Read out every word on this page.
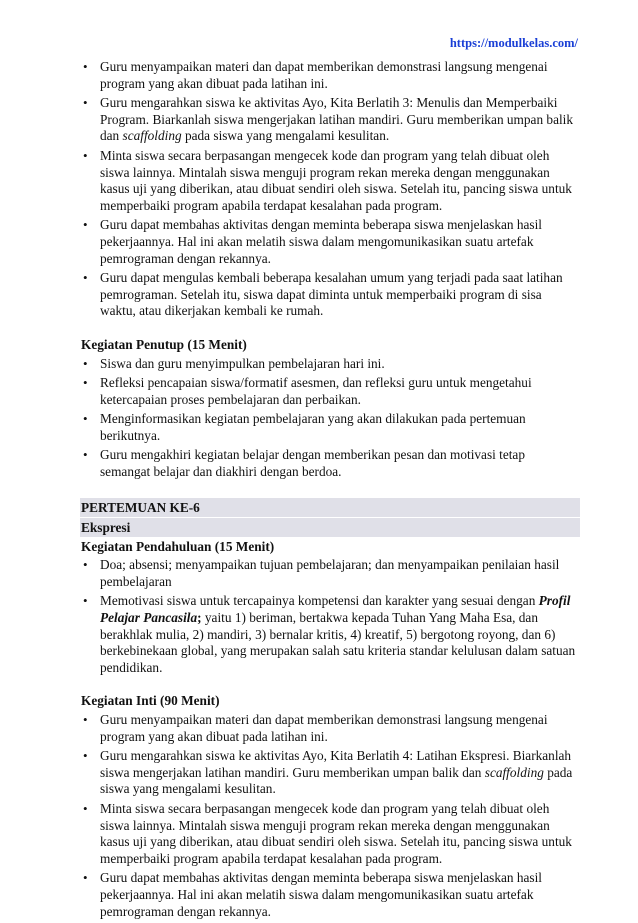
https://modulkelas.com/
• Guru menyampaikan materi dan dapat memberikan demonstrasi langsung mengenai program yang akan dibuat pada latihan ini.
• Guru mengarahkan siswa ke aktivitas Ayo, Kita Berlatih 3: Menulis dan Memperbaiki Program. Biarkanlah siswa mengerjakan latihan mandiri. Guru memberikan umpan balik dan scaffolding pada siswa yang mengalami kesulitan.
• Minta siswa secara berpasangan mengecek kode dan program yang telah dibuat oleh siswa lainnya. Mintalah siswa menguji program rekan mereka dengan menggunakan kasus uji yang diberikan, atau dibuat sendiri oleh siswa. Setelah itu, pancing siswa untuk memperbaiki program apabila terdapat kesalahan pada program.
• Guru dapat membahas aktivitas dengan meminta beberapa siswa menjelaskan hasil pekerjaannya. Hal ini akan melatih siswa dalam mengomunikasikan suatu artefak pemrograman dengan rekannya.
• Guru dapat mengulas kembali beberapa kesalahan umum yang terjadi pada saat latihan pemrograman. Setelah itu, siswa dapat diminta untuk memperbaiki program di sisa waktu, atau dikerjakan kembali ke rumah.
Kegiatan Penutup (15 Menit)
• Siswa dan guru menyimpulkan pembelajaran hari ini.
• Refleksi pencapaian siswa/formatif asesmen, dan refleksi guru untuk mengetahui ketercapaian proses pembelajaran dan perbaikan.
• Menginformasikan kegiatan pembelajaran yang akan dilakukan pada pertemuan berikutnya.
• Guru mengakhiri kegiatan belajar dengan memberikan pesan dan motivasi tetap semangat belajar dan diakhiri dengan berdoa.
PERTEMUAN KE-6
Ekspresi
Kegiatan Pendahuluan (15 Menit)
• Doa; absensi; menyampaikan tujuan pembelajaran; dan menyampaikan penilaian hasil pembelajaran
• Memotivasi siswa untuk tercapainya kompetensi dan karakter yang sesuai dengan Profil Pelajar Pancasila; yaitu 1) beriman, bertakwa kepada Tuhan Yang Maha Esa, dan berakhlak mulia, 2) mandiri, 3) bernalar kritis, 4) kreatif, 5) bergotong royong, dan 6) berkebinekaan global, yang merupakan salah satu kriteria standar kelulusan dalam satuan pendidikan.
Kegiatan Inti (90 Menit)
• Guru menyampaikan materi dan dapat memberikan demonstrasi langsung mengenai program yang akan dibuat pada latihan ini.
• Guru mengarahkan siswa ke aktivitas Ayo, Kita Berlatih 4: Latihan Ekspresi. Biarkanlah siswa mengerjakan latihan mandiri. Guru memberikan umpan balik dan scaffolding pada siswa yang mengalami kesulitan.
• Minta siswa secara berpasangan mengecek kode dan program yang telah dibuat oleh siswa lainnya. Mintalah siswa menguji program rekan mereka dengan menggunakan kasus uji yang diberikan, atau dibuat sendiri oleh siswa. Setelah itu, pancing siswa untuk memperbaiki program apabila terdapat kesalahan pada program.
• Guru dapat membahas aktivitas dengan meminta beberapa siswa menjelaskan hasil pekerjaannya. Hal ini akan melatih siswa dalam mengomunikasikan suatu artefak pemrograman dengan rekannya.
